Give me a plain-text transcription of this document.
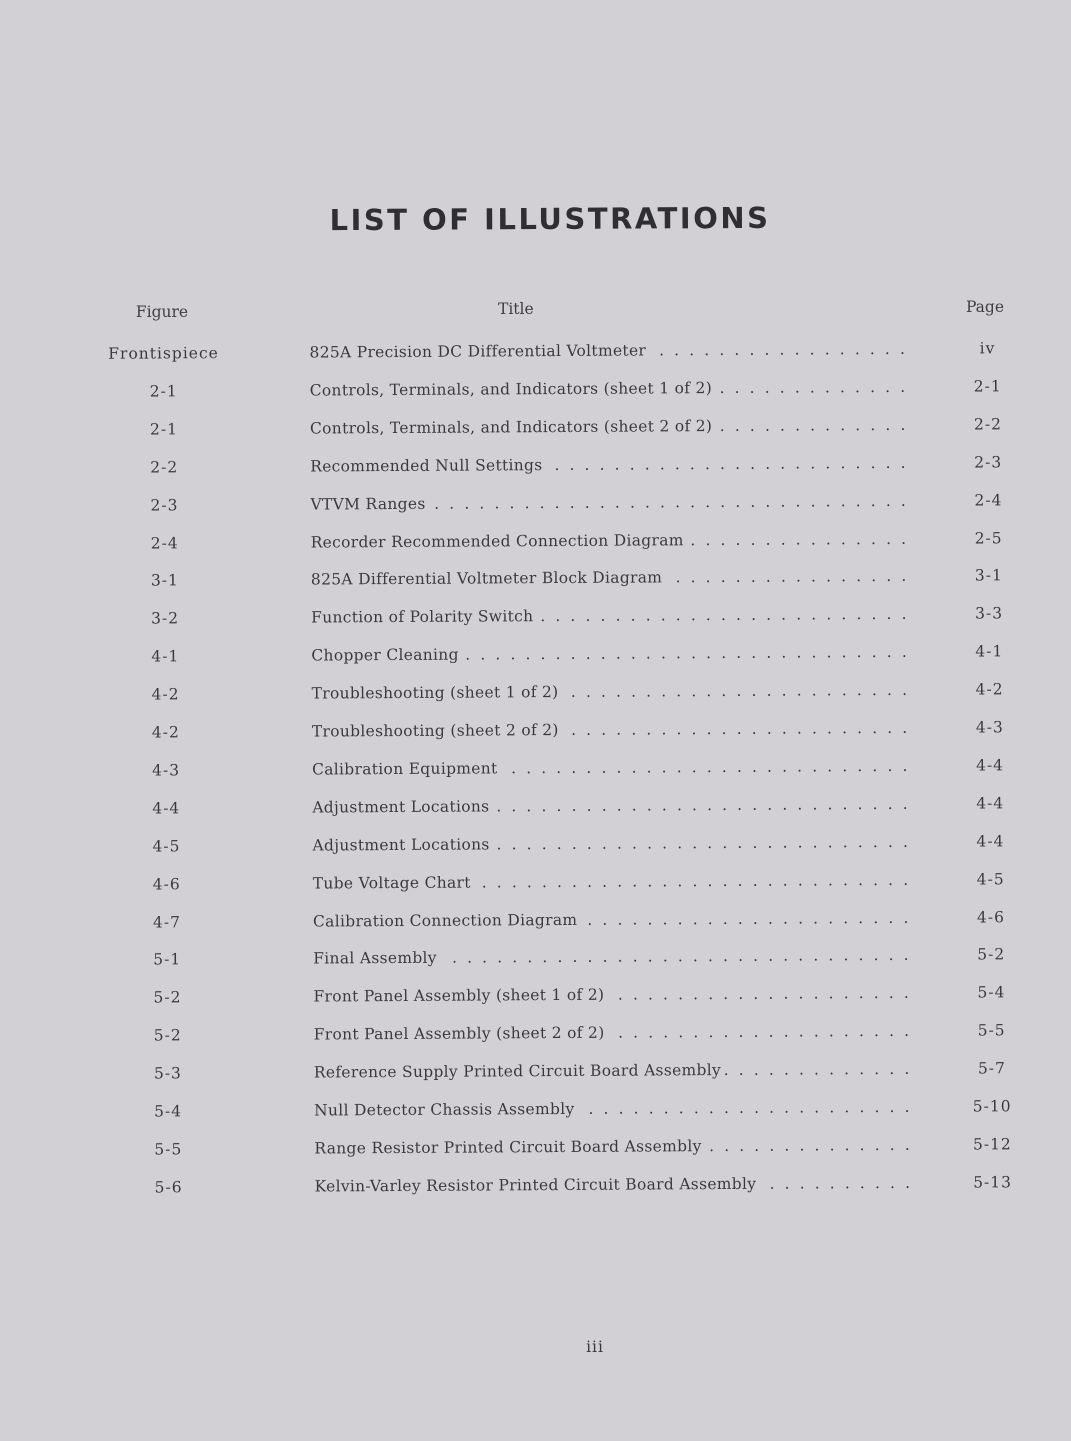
LIST OF ILLUSTRATIONS
Figure	Title	Page
Frontispiece	825A Precision DC Differential Voltmeter . . .	iv
2-1	Controls, Terminals, and Indicators (sheet 1 of 2) . . .	2-1
2-1	Controls, Terminals, and Indicators (sheet 2 of 2) . . .	2-2
2-2	Recommended Null Settings . . .	2-3
2-3	VTVM Ranges . . .	2-4
2-4	Recorder Recommended Connection Diagram . . .	2-5
3-1	825A Differential Voltmeter Block Diagram . . .	3-1
3-2	Function of Polarity Switch . . .	3-3
4-1	Chopper Cleaning . . .	4-1
4-2	Troubleshooting (sheet 1 of 2) . . .	4-2
4-2	Troubleshooting (sheet 2 of 2) . . .	4-3
4-3	Calibration Equipment . . .	4-4
4-4	Adjustment Locations . . .	4-4
4-5	Adjustment Locations . . .	4-4
4-6	Tube Voltage Chart . . .	4-5
4-7	Calibration Connection Diagram . . .	4-6
5-1	Final Assembly . . .	5-2
5-2	Front Panel Assembly (sheet 1 of 2) . . .	5-4
5-2	Front Panel Assembly (sheet 2 of 2) . . .	5-5
5-3	Reference Supply Printed Circuit Board Assembly . . .	5-7
5-4	Null Detector Chassis Assembly . . .	5-10
5-5	Range Resistor Printed Circuit Board Assembly . . .	5-12
5-6	Kelvin-Varley Resistor Printed Circuit Board Assembly . . .	5-13
iii
